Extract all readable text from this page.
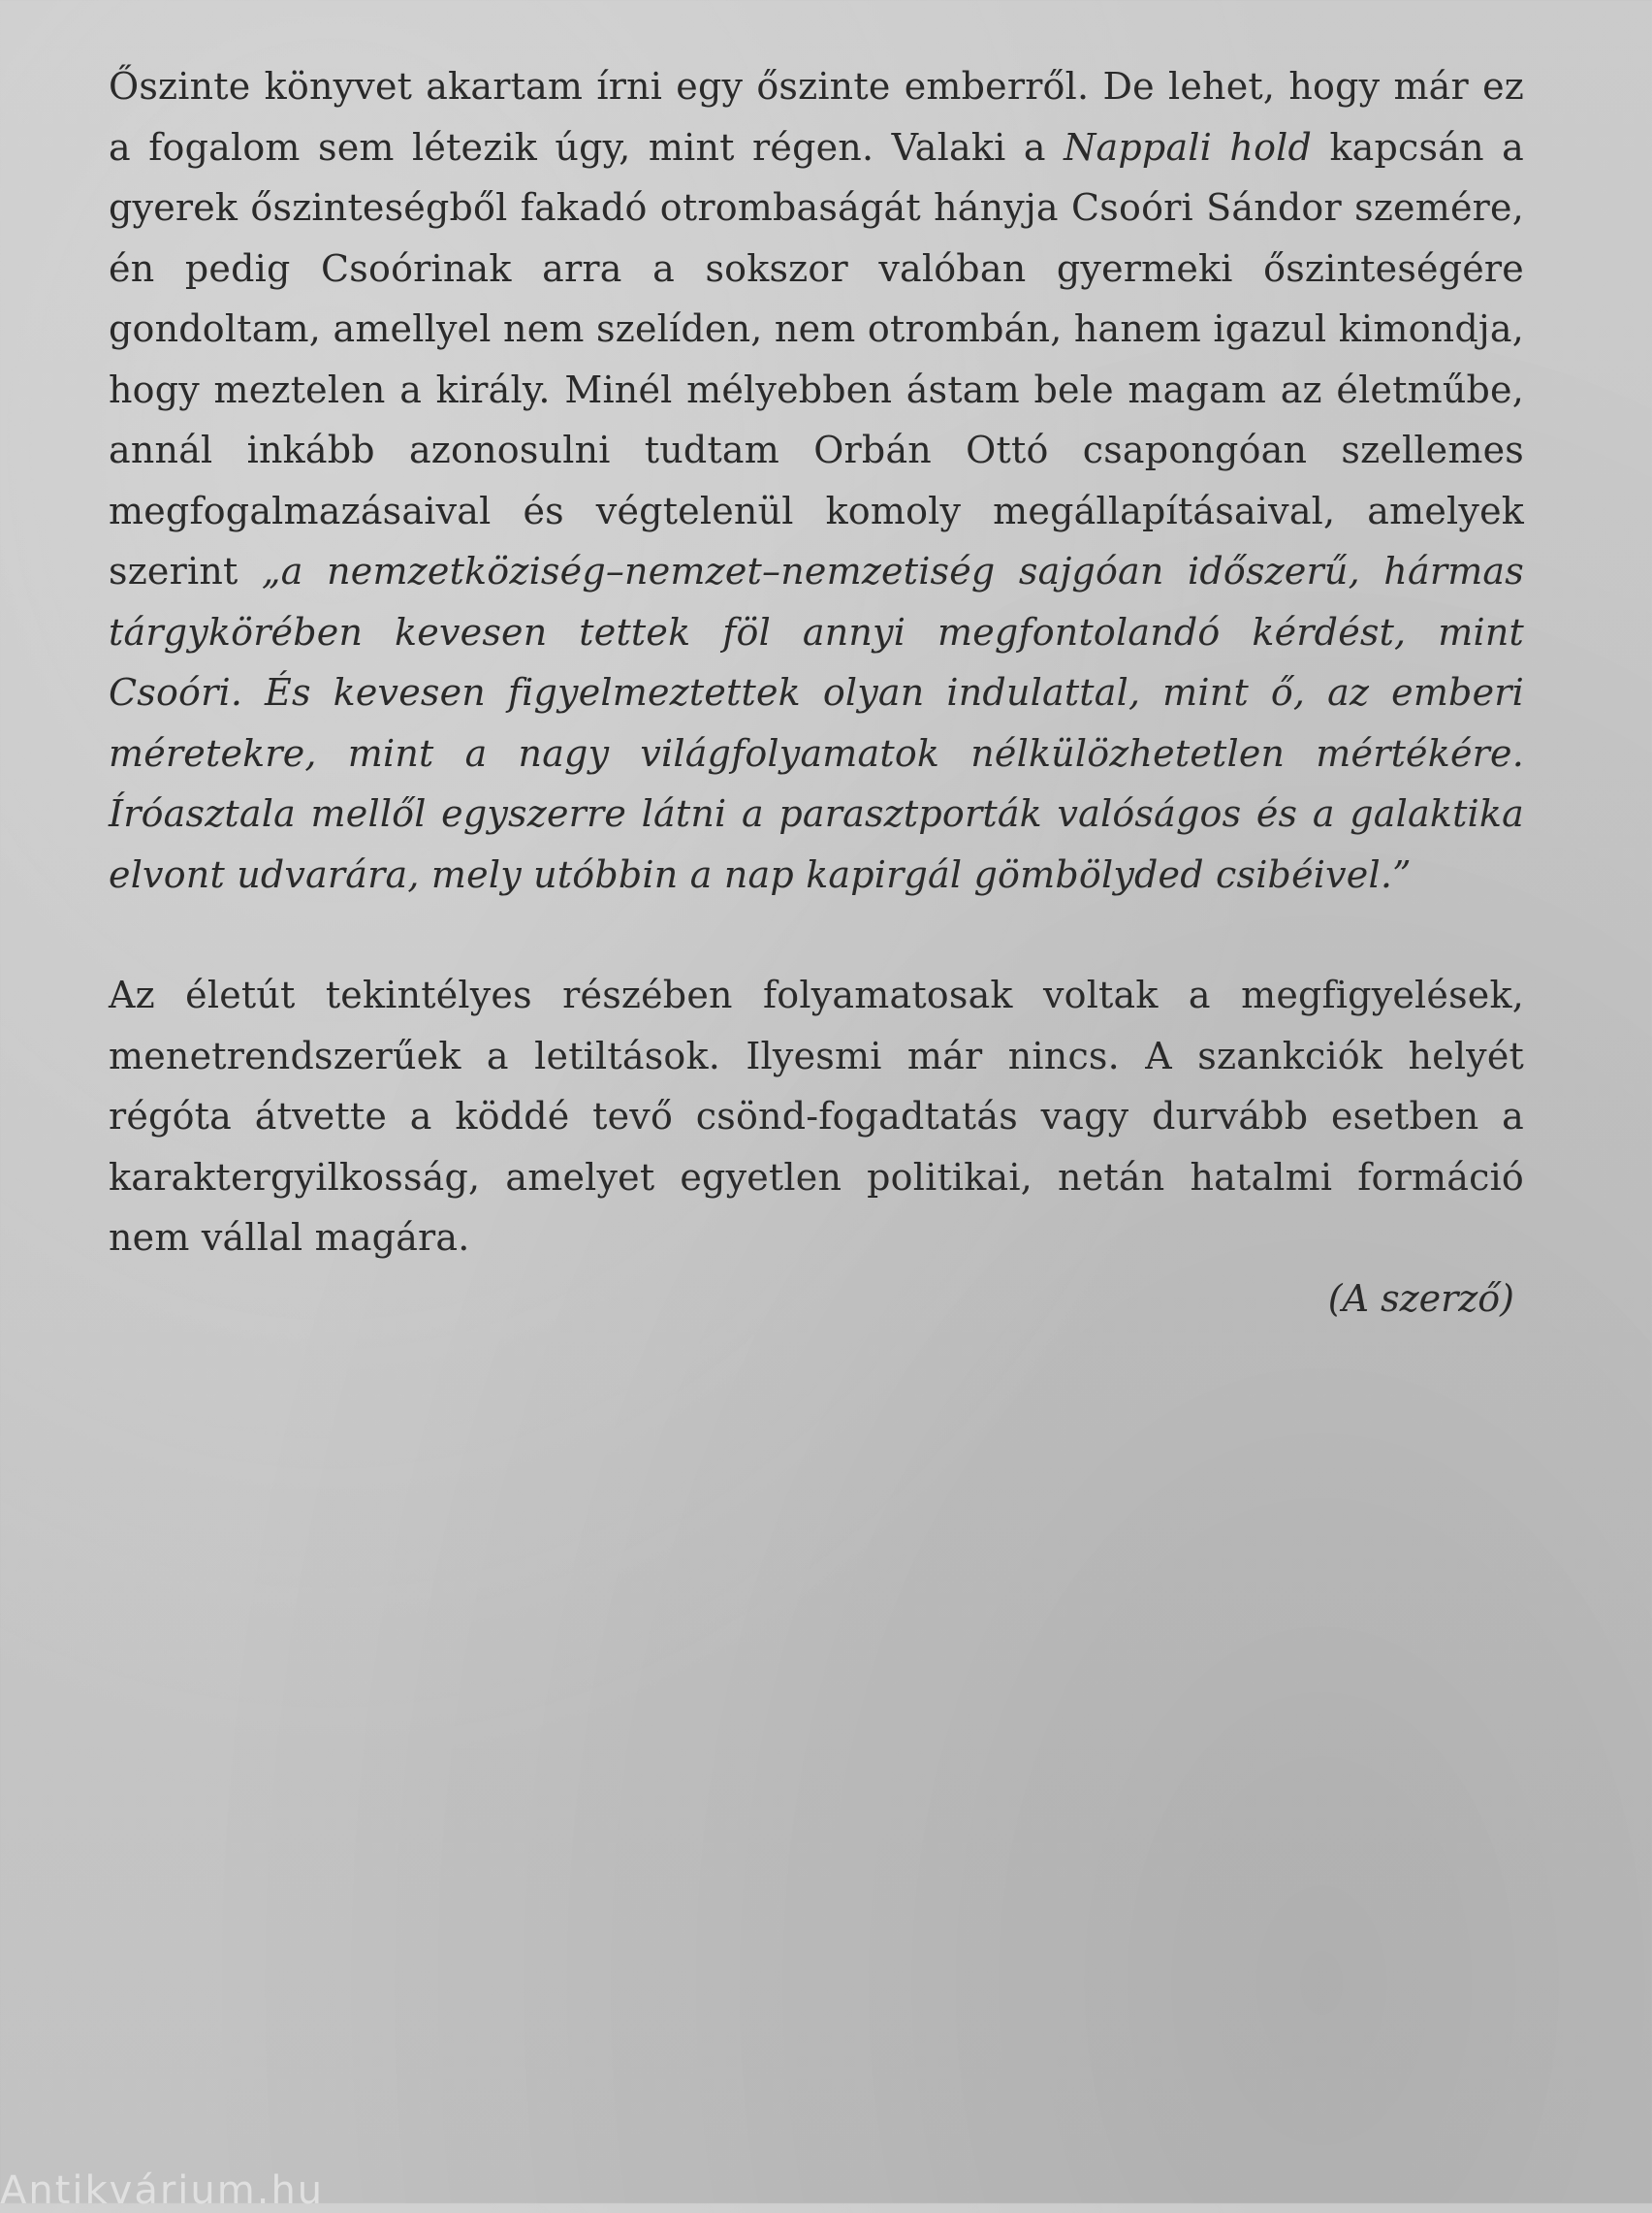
Őszinte könyvet akartam írni egy őszinte emberről. De lehet, hogy már ez a fogalom sem létezik úgy, mint régen. Valaki a Nappali hold kapcsán a gyerek őszinteségből fakadó otrombaságát hányja Csoóri Sándor szemére, én pedig Csoórinak arra a sokszor valóban gyermeki őszinteségére gondoltam, amellyel nem szelíden, nem otrombán, hanem igazul kimondja, hogy meztelen a király. Minél mélyebben ástam bele magam az életműbe, annál inkább azonosulni tudtam Orbán Ottó csapongóan szellemes megfogalmazásaival és végtelenül komoly megállapításaival, amelyek szerint „a nemzetköziség–nemzet–nemzetiség sajgóan időszerű, hármas tárgykörében kevesen tettek föl annyi megfontolandó kérdést, mint Csoóri. És kevesen figyelmeztettek olyan indulattal, mint ő, az emberi méretekre, mint a nagy világfolyamatok nélkülözhetetlen mértékére. Íróasztala mellől egyszerre látni a parasztporták valóságos és a galaktika elvont udvarára, mely utóbbin a nap kapirgál gömbölyded csibéivel.”

Az életút tekintélyes részében folyamatosak voltak a megfigyelések, menetrendszerűek a letiltások. Ilyesmi már nincs. A szankciók helyét régóta átvette a köddé tevő csönd-fogadtatás vagy durvább esetben a karaktergyilkosság, amelyet egyetlen politikai, netán hatalmi formáció nem vállal magára.

(A szerző)
Antikvárium.hu
